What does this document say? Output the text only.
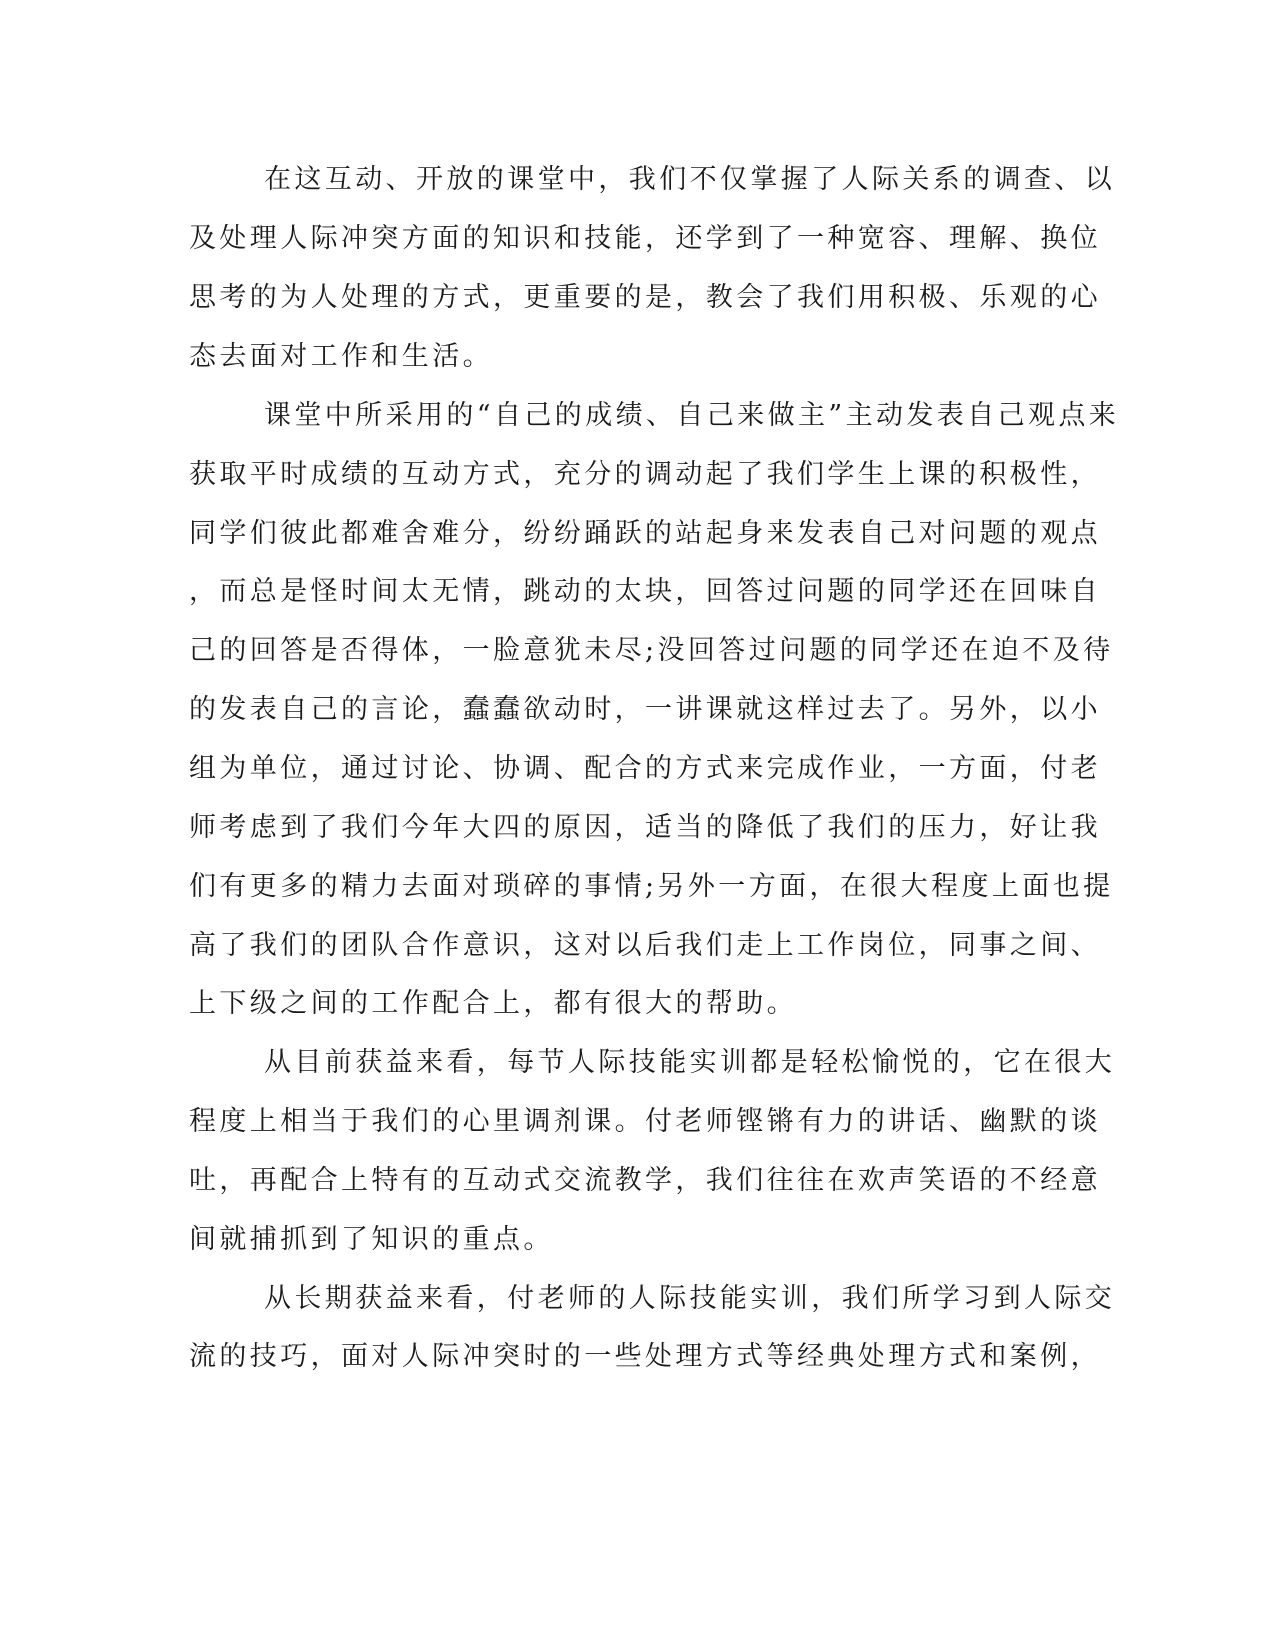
在这互动、开放的课堂中，我们不仅掌握了人际关系的调查、以
及处理人际冲突方面的知识和技能，还学到了一种宽容、理解、换位
思考的为人处理的方式，更重要的是，教会了我们用积极、乐观的心
态去面对工作和生活。
课堂中所采用的“自己的成绩、自己来做主”主动发表自己观点来
获取平时成绩的互动方式，充分的调动起了我们学生上课的积极性，
同学们彼此都难舍难分，纷纷踊跃的站起身来发表自己对问题的观点
，而总是怪时间太无情，跳动的太块，回答过问题的同学还在回味自
己的回答是否得体，一脸意犹未尽;没回答过问题的同学还在迫不及待
的发表自己的言论，蠢蠢欲动时，一讲课就这样过去了。另外，以小
组为单位，通过讨论、协调、配合的方式来完成作业，一方面，付老
师考虑到了我们今年大四的原因，适当的降低了我们的压力，好让我
们有更多的精力去面对琐碎的事情;另外一方面，在很大程度上面也提
高了我们的团队合作意识，这对以后我们走上工作岗位，同事之间、
上下级之间的工作配合上，都有很大的帮助。
从目前获益来看，每节人际技能实训都是轻松愉悦的，它在很大
程度上相当于我们的心里调剂课。付老师铿锵有力的讲话、幽默的谈
吐，再配合上特有的互动式交流教学，我们往往在欢声笑语的不经意
间就捕抓到了知识的重点。
从长期获益来看，付老师的人际技能实训，我们所学习到人际交
流的技巧，面对人际冲突时的一些处理方式等经典处理方式和案例，
